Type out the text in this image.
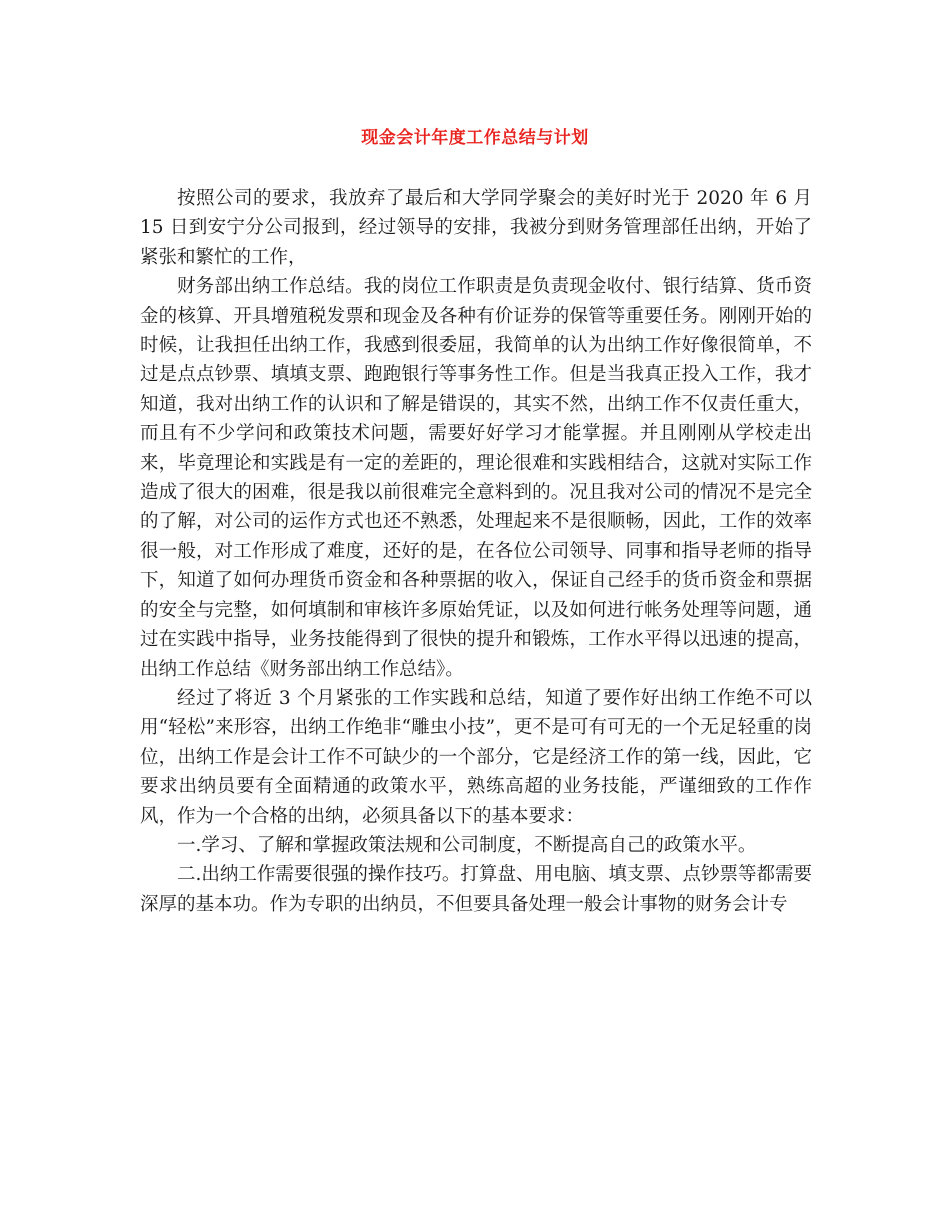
现金会计年度工作总结与计划

按照公司的要求，我放弃了最后和大学同学聚会的美好时光于 2020 年 6 月 15 日到安宁分公司报到，经过领导的安排，我被分到财务管理部任出纳，开始了紧张和繁忙的工作，

财务部出纳工作总结。我的岗位工作职责是负责现金收付、银行结算、货币资金的核算、开具增殖税发票和现金及各种有价证券的保管等重要任务。刚刚开始的时候，让我担任出纳工作，我感到很委屈，我简单的认为出纳工作好像很简单，不过是点点钞票、填填支票、跑跑银行等事务性工作。但是当我真正投入工作，我才知道，我对出纳工作的认识和了解是错误的，其实不然，出纳工作不仅责任重大，而且有不少学问和政策技术问题，需要好好学习才能掌握。并且刚刚从学校走出来，毕竟理论和实践是有一定的差距的，理论很难和实践相结合，这就对实际工作造成了很大的困难，很是我以前很难完全意料到的。况且我对公司的情况不是完全的了解，对公司的运作方式也还不熟悉，处理起来不是很顺畅，因此，工作的效率很一般，对工作形成了难度，还好的是，在各位公司领导、同事和指导老师的指导下，知道了如何办理货币资金和各种票据的收入，保证自己经手的货币资金和票据的安全与完整，如何填制和审核许多原始凭证，以及如何进行帐务处理等问题，通过在实践中指导，业务技能得到了很快的提升和锻炼，工作水平得以迅速的提高，出纳工作总结《财务部出纳工作总结》。

经过了将近 3 个月紧张的工作实践和总结，知道了要作好出纳工作绝不可以用“轻松”来形容，出纳工作绝非“雕虫小技”，更不是可有可无的一个无足轻重的岗位，出纳工作是会计工作不可缺少的一个部分，它是经济工作的第一线，因此，它要求出纳员要有全面精通的政策水平，熟练高超的业务技能，严谨细致的工作作风，作为一个合格的出纳，必须具备以下的基本要求：

一.学习、了解和掌握政策法规和公司制度，不断提高自己的政策水平。

二.出纳工作需要很强的操作技巧。打算盘、用电脑、填支票、点钞票等都需要深厚的基本功。作为专职的出纳员，不但要具备处理一般会计事物的财务会计专
